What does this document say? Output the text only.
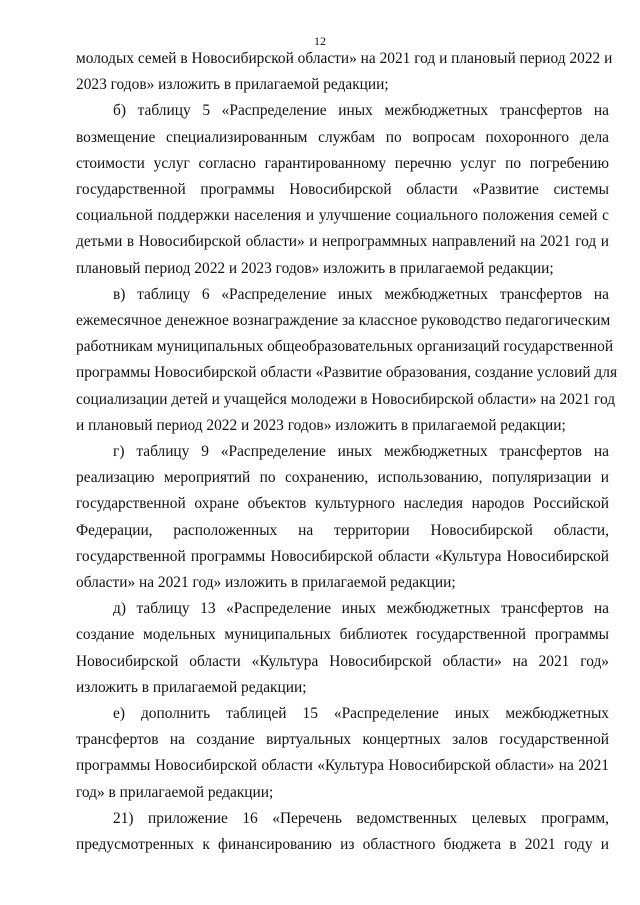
12
молодых семей в Новосибирской области» на 2021 год и плановый период 2022 и
2023 годов» изложить в прилагаемой редакции;
б) таблицу 5 «Распределение иных межбюджетных трансфертов на
возмещение специализированным службам по вопросам похоронного дела
стоимости услуг согласно гарантированному перечню услуг по погребению
государственной программы Новосибирской области «Развитие системы
социальной поддержки населения и улучшение социального положения семей с
детьми в Новосибирской области» и непрограммных направлений на 2021 год и
плановый период 2022 и 2023 годов» изложить в прилагаемой редакции;
в) таблицу 6 «Распределение иных межбюджетных трансфертов на
ежемесячное денежное вознаграждение за классное руководство педагогическим
работникам муниципальных общеобразовательных организаций государственной
программы Новосибирской области «Развитие образования, создание условий для
социализации детей и учащейся молодежи в Новосибирской области» на 2021 год
и плановый период 2022 и 2023 годов» изложить в прилагаемой редакции;
г) таблицу 9 «Распределение иных межбюджетных трансфертов на
реализацию мероприятий по сохранению, использованию, популяризации и
государственной охране объектов культурного наследия народов Российской
Федерации, расположенных на территории Новосибирской области,
государственной программы Новосибирской области «Культура Новосибирской
области» на 2021 год» изложить в прилагаемой редакции;
д) таблицу 13 «Распределение иных межбюджетных трансфертов на
создание модельных муниципальных библиотек государственной программы
Новосибирской области «Культура Новосибирской области» на 2021 год»
изложить в прилагаемой редакции;
е) дополнить таблицей 15 «Распределение иных межбюджетных
трансфертов на создание виртуальных концертных залов государственной
программы Новосибирской области «Культура Новосибирской области» на 2021
год» в прилагаемой редакции;
21) приложение 16 «Перечень ведомственных целевых программ,
предусмотренных к финансированию из областного бюджета в 2021 году и
